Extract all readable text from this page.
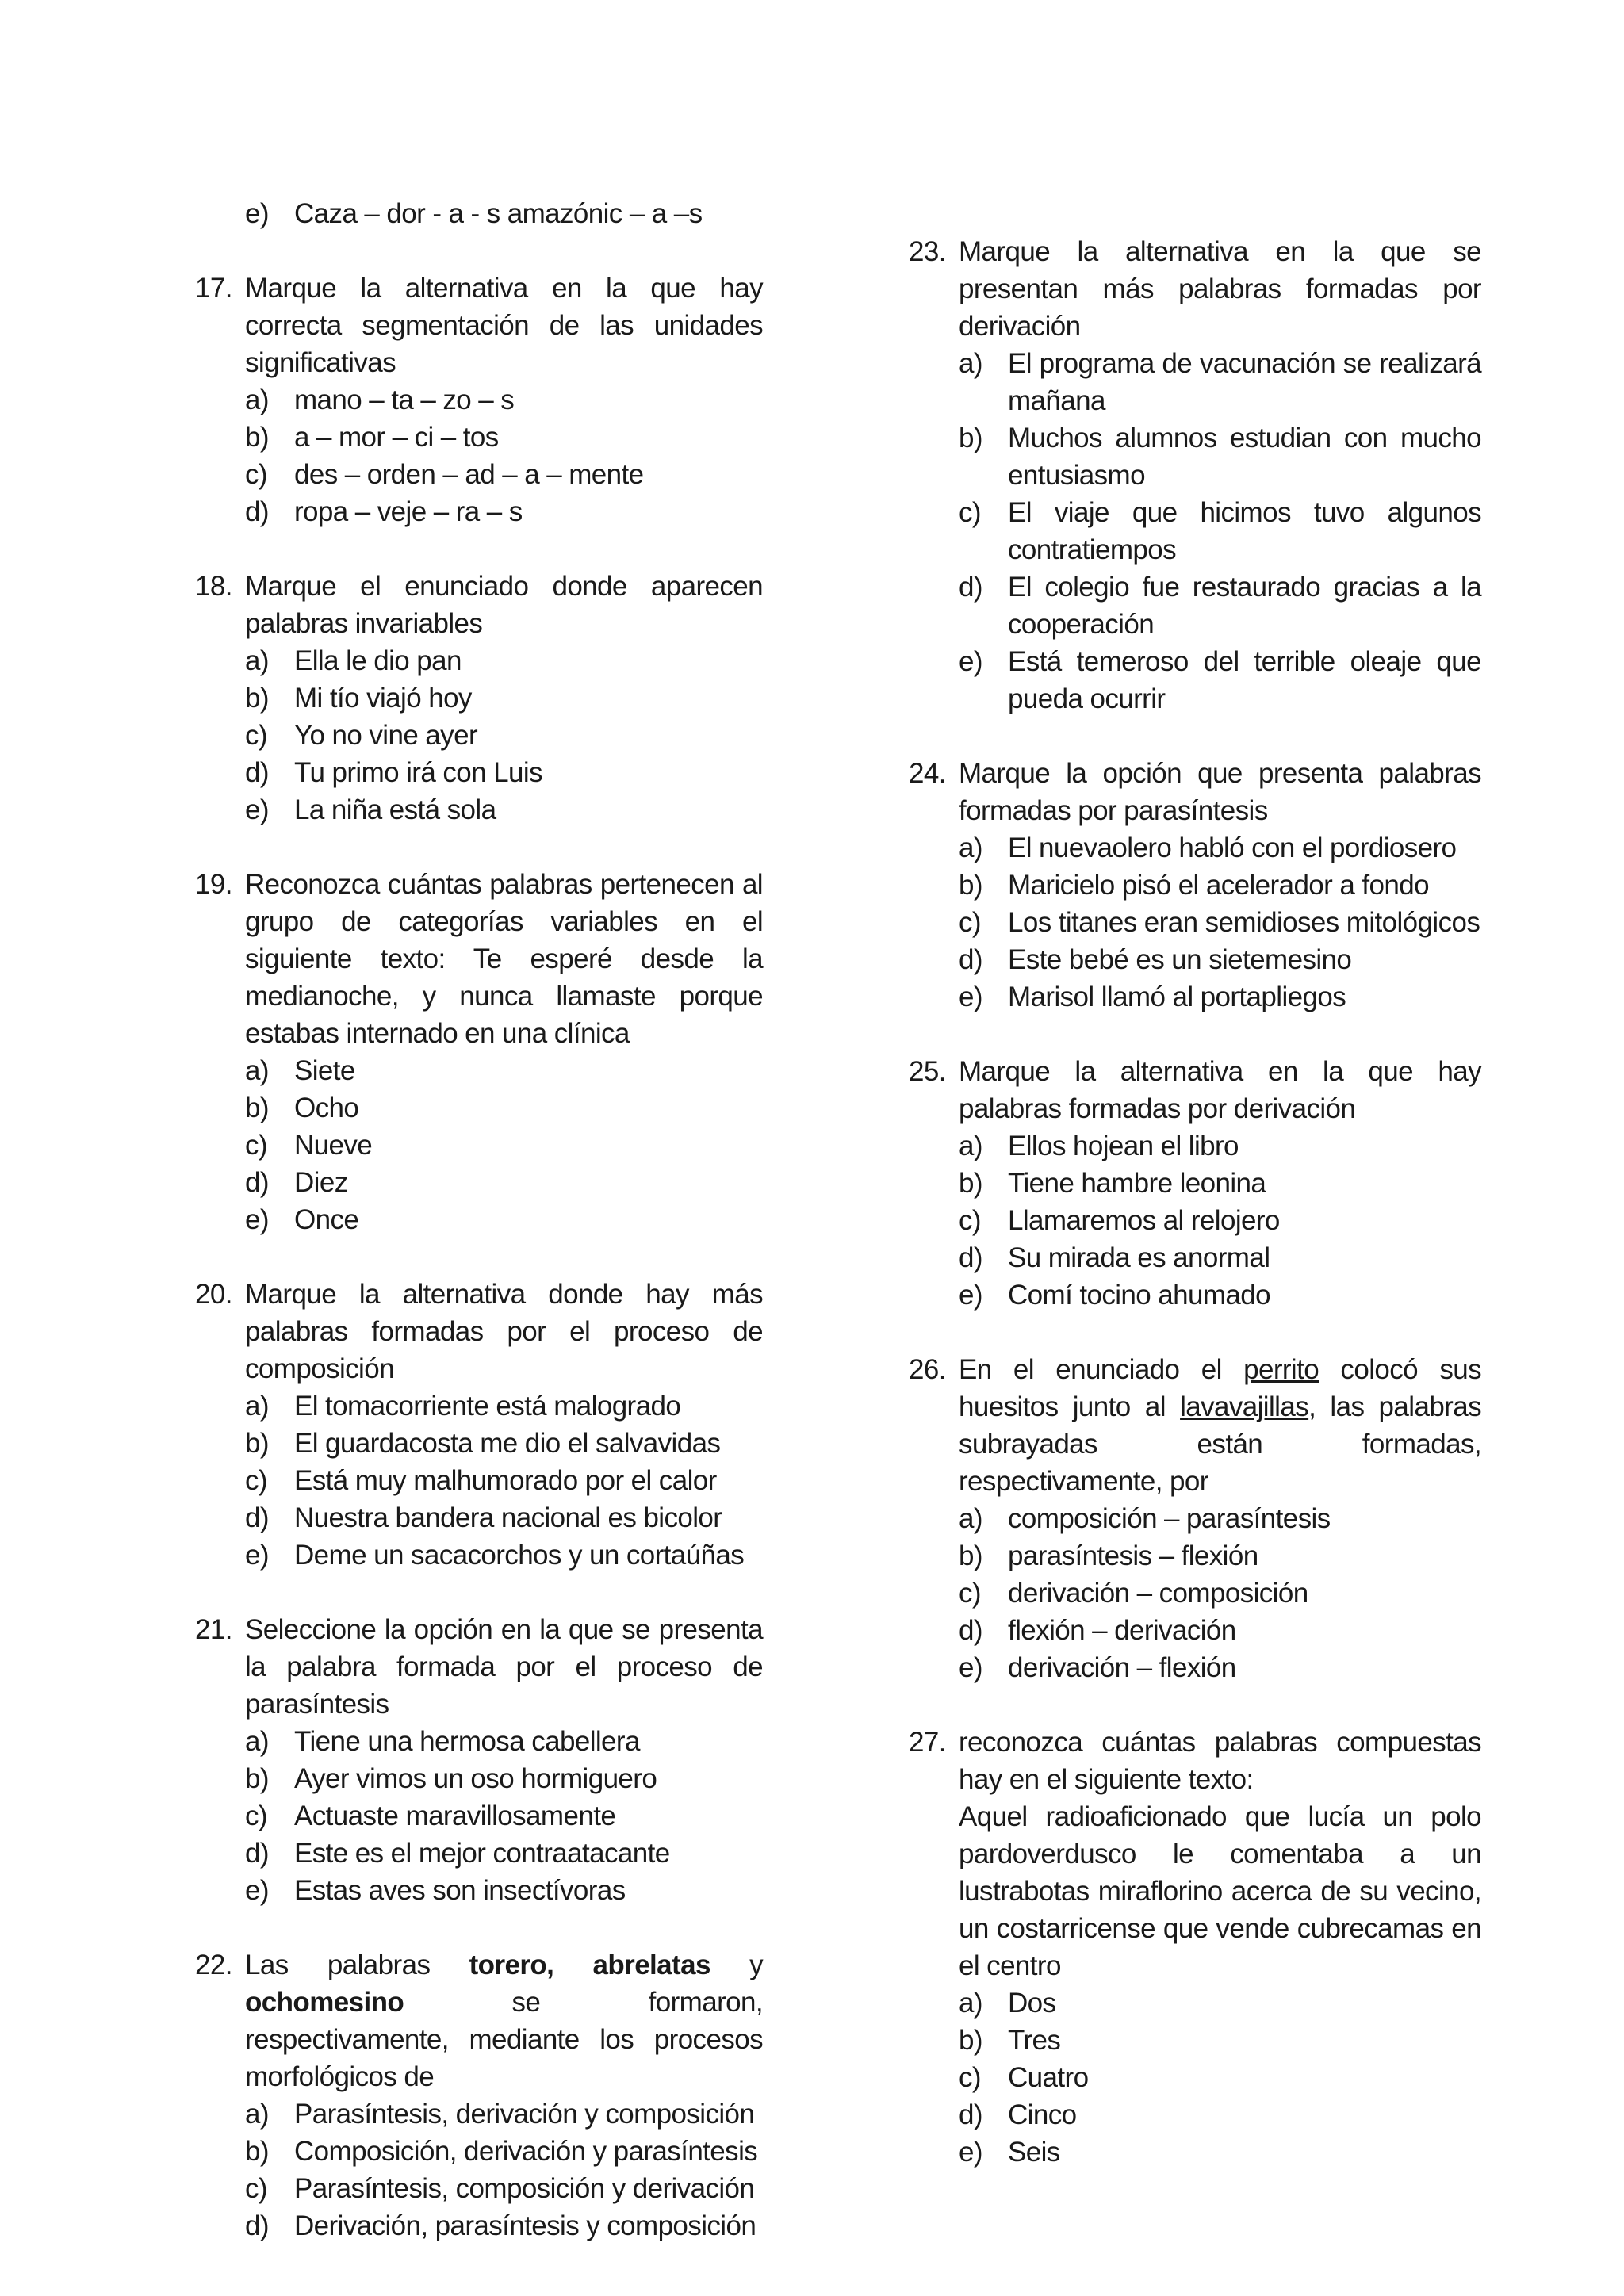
e) Caza – dor - a - s amazónic – a –s
17. Marque la alternativa en la que hay correcta segmentación de las unidades significativas
a) mano – ta – zo – s
b) a – mor – ci – tos
c) des – orden – ad – a – mente
d) ropa – veje – ra – s
18. Marque el enunciado donde aparecen palabras invariables
a) Ella le dio pan
b) Mi tío viajó hoy
c) Yo no vine ayer
d) Tu primo irá con Luis
e) La niña está sola
19. Reconozca cuántas palabras pertenecen al grupo de categorías variables en el siguiente texto: Te esperé desde la medianoche, y nunca llamaste porque estabas internado en una clínica
a) Siete
b) Ocho
c) Nueve
d) Diez
e) Once
20. Marque la alternativa donde hay más palabras formadas por el proceso de composición
a) El tomacorriente está malogrado
b) El guardacosta me dio el salvavidas
c) Está muy malhumorado por el calor
d) Nuestra bandera nacional es bicolor
e) Deme un sacacorchos y un cortaúñas
21. Seleccione la opción en la que se presenta la palabra formada por el proceso de parasíntesis
a) Tiene una hermosa cabellera
b) Ayer vimos un oso hormiguero
c) Actuaste maravillosamente
d) Este es el mejor contraatacante
e) Estas aves son insectívoras
22. Las palabras torero, abrelatas y ochomesino se formaron, respectivamente, mediante los procesos morfológicos de
a) Parasíntesis, derivación y composición
b) Composición, derivación y parasíntesis
c) Parasíntesis, composición y derivación
d) Derivación, parasíntesis y composición
23. Marque la alternativa en la que se presentan más palabras formadas por derivación
a) El programa de vacunación se realizará mañana
b) Muchos alumnos estudian con mucho entusiasmo
c) El viaje que hicimos tuvo algunos contratiempos
d) El colegio fue restaurado gracias a la cooperación
e) Está temeroso del terrible oleaje que pueda ocurrir
24. Marque la opción que presenta palabras formadas por parasíntesis
a) El nuevaolero habló con el pordiosero
b) Maricielo pisó el acelerador a fondo
c) Los titanes eran semidioses mitológicos
d) Este bebé es un sietemesino
e) Marisol llamó al portapliegos
25. Marque la alternativa en la que hay palabras formadas por derivación
a) Ellos hojean el libro
b) Tiene hambre leonina
c) Llamaremos al relojero
d) Su mirada es anormal
e) Comí tocino ahumado
26. En el enunciado el perrito colocó sus huesitos junto al lavavajillas, las palabras subrayadas están formadas, respectivamente, por
a) composición – parasíntesis
b) parasíntesis – flexión
c) derivación – composición
d) flexión – derivación
e) derivación – flexión
27. reconozca cuántas palabras compuestas hay en el siguiente texto:
Aquel radioaficionado que lucía un polo pardoverdusco le comentaba a un lustrabotas miraflorino acerca de su vecino, un costarricense que vende cubrecamas en el centro
a) Dos
b) Tres
c) Cuatro
d) Cinco
e) Seis
